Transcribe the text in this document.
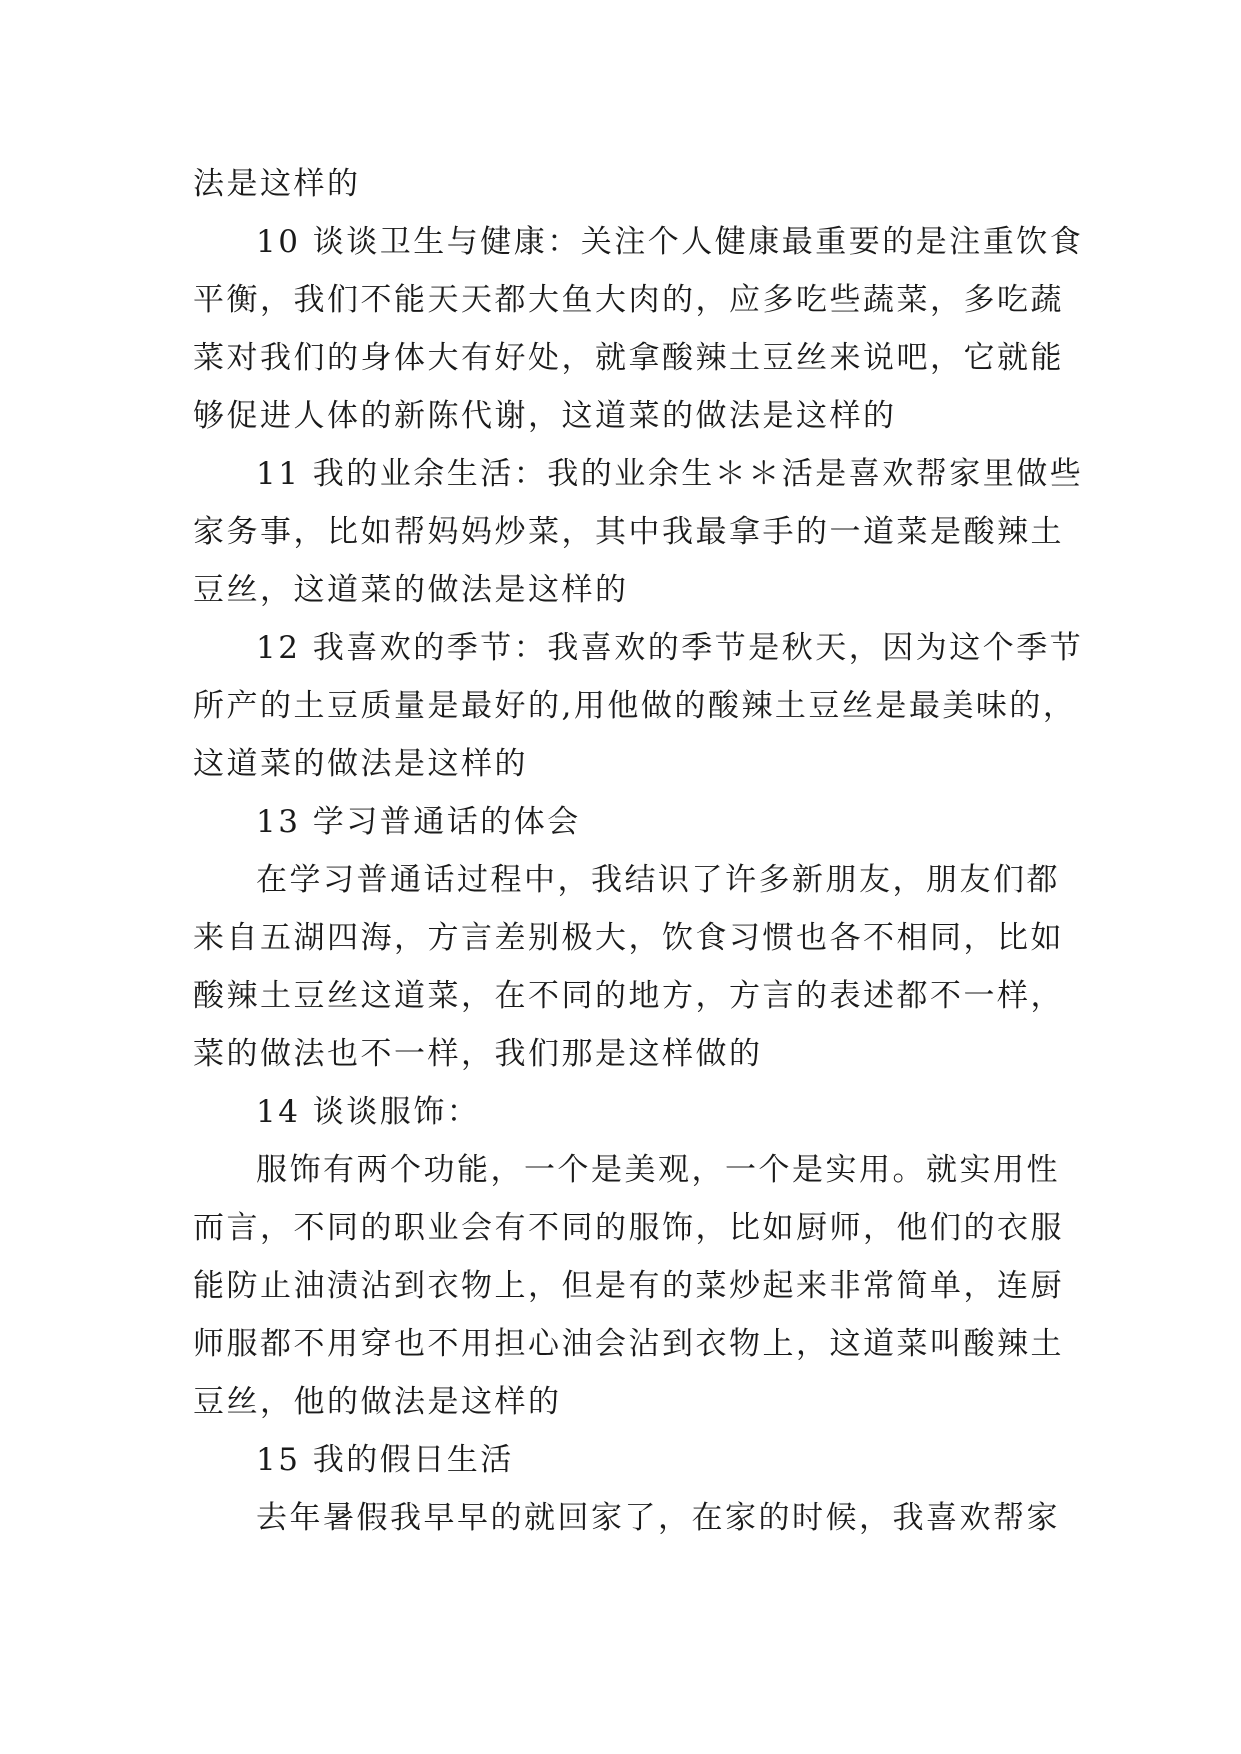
法是这样的
10 谈谈卫生与健康：关注个人健康最重要的是注重饮食
平衡，我们不能天天都大鱼大肉的，应多吃些蔬菜，多吃蔬
菜对我们的身体大有好处，就拿酸辣土豆丝来说吧，它就能
够促进人体的新陈代谢，这道菜的做法是这样的
11 我的业余生活：我的业余生＊＊活是喜欢帮家里做些
家务事，比如帮妈妈炒菜，其中我最拿手的一道菜是酸辣土
豆丝，这道菜的做法是这样的
12 我喜欢的季节：我喜欢的季节是秋天，因为这个季节
所产的土豆质量是最好的,用他做的酸辣土豆丝是最美味的，
这道菜的做法是这样的
13 学习普通话的体会
在学习普通话过程中，我结识了许多新朋友，朋友们都
来自五湖四海，方言差别极大，饮食习惯也各不相同，比如
酸辣土豆丝这道菜，在不同的地方，方言的表述都不一样，
菜的做法也不一样，我们那是这样做的
14 谈谈服饰：
服饰有两个功能，一个是美观，一个是实用。就实用性
而言，不同的职业会有不同的服饰，比如厨师，他们的衣服
能防止油渍沾到衣物上，但是有的菜炒起来非常简单，连厨
师服都不用穿也不用担心油会沾到衣物上，这道菜叫酸辣土
豆丝，他的做法是这样的
15 我的假日生活
去年暑假我早早的就回家了，在家的时候，我喜欢帮家
